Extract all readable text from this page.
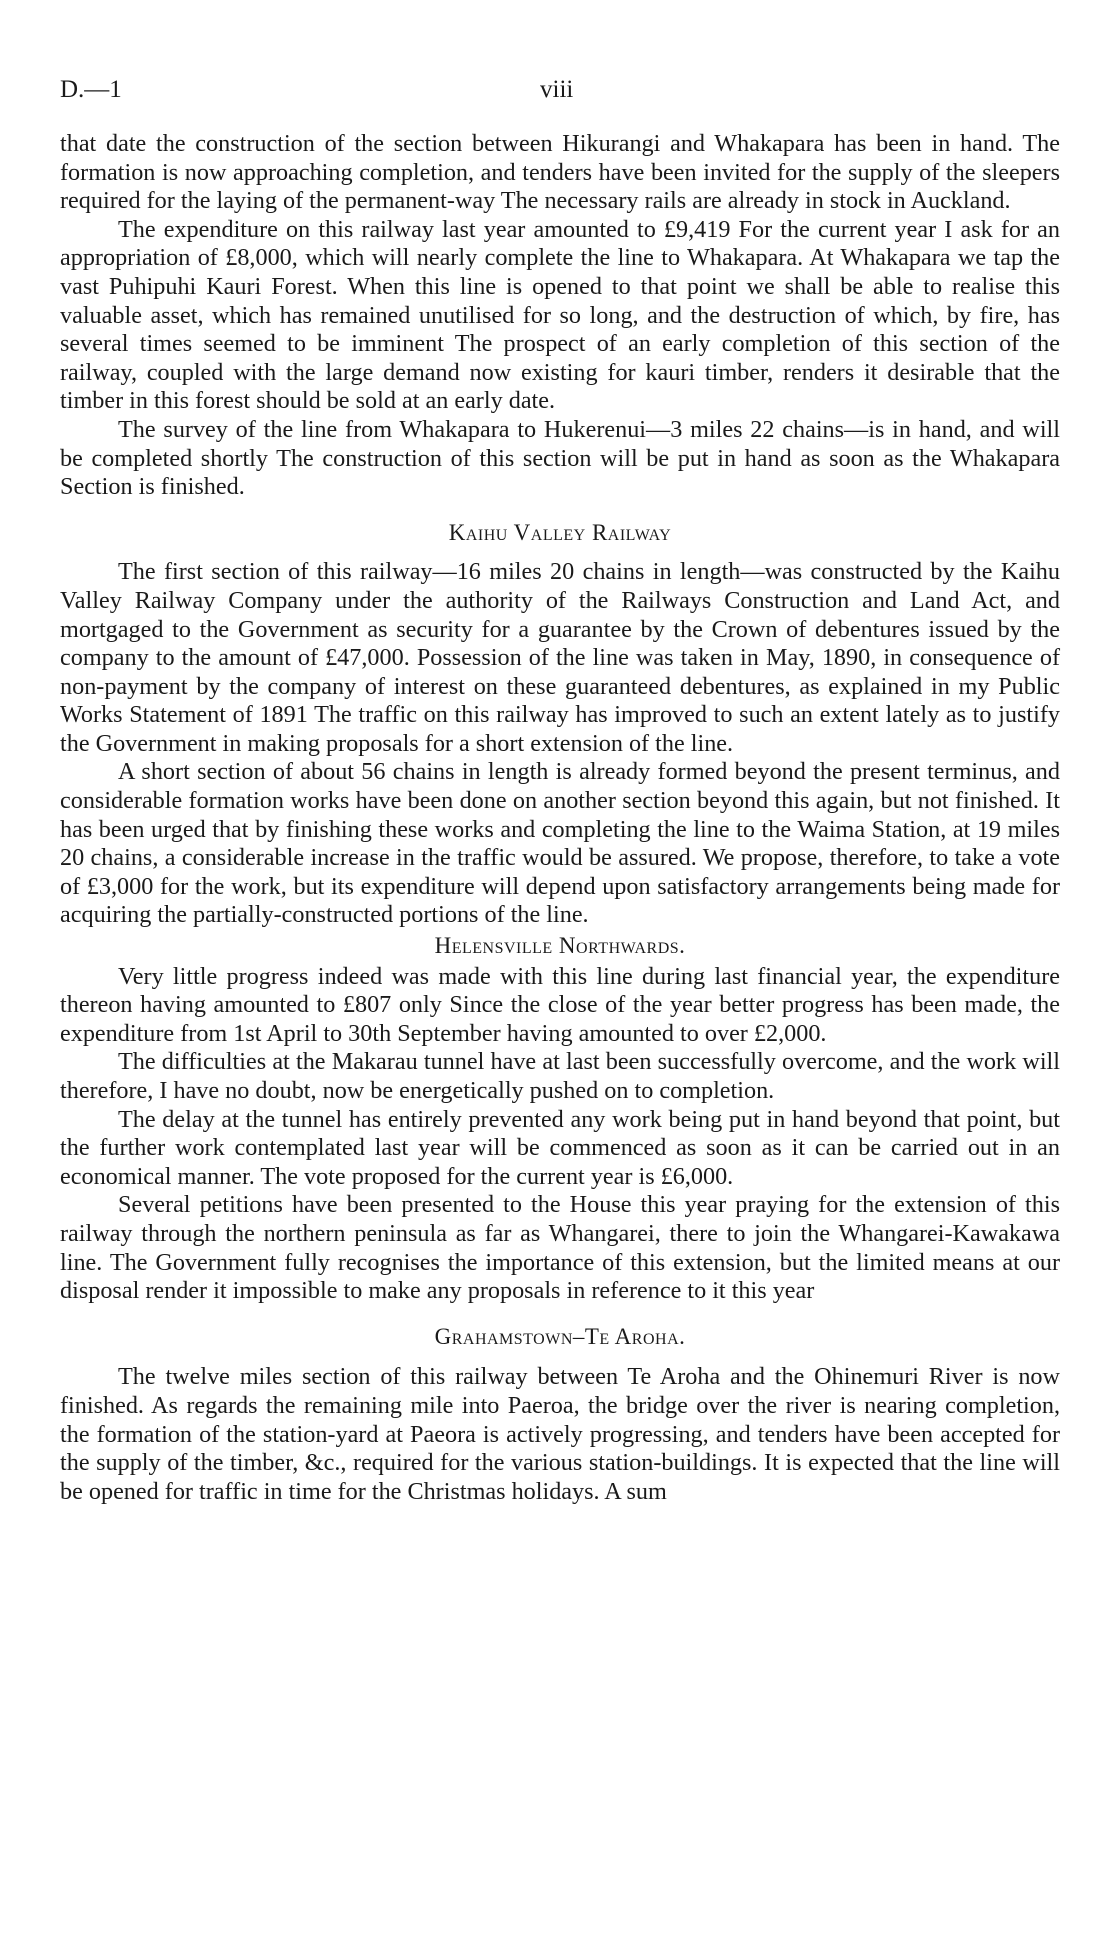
D.—1	viii

that date the construction of the section between Hikurangi and Whakapara has been in hand. The formation is now approaching completion, and tenders have been invited for the supply of the sleepers required for the laying of the permanent-way The necessary rails are already in stock in Auckland.

The expenditure on this railway last year amounted to £9,419 For the current year I ask for an appropriation of £8,000, which will nearly complete the line to Whakapara. At Whakapara we tap the vast Puhipuhi Kauri Forest. When this line is opened to that point we shall be able to realise this valuable asset, which has remained unutilised for so long, and the destruction of which, by fire, has several times seemed to be imminent The prospect of an early completion of this section of the railway, coupled with the large demand now existing for kauri timber, renders it desirable that the timber in this forest should be sold at an early date.

The survey of the line from Whakapara to Hukerenui—3 miles 22 chains—is in hand, and will be completed shortly The construction of this section will be put in hand as soon as the Whakapara Section is finished.

Kaihu Valley Railway

The first section of this railway—16 miles 20 chains in length—was constructed by the Kaihu Valley Railway Company under the authority of the Railways Construction and Land Act, and mortgaged to the Government as security for a guarantee by the Crown of debentures issued by the company to the amount of £47,000. Possession of the line was taken in May, 1890, in consequence of non-payment by the company of interest on these guaranteed debentures, as explained in my Public Works Statement of 1891 The traffic on this railway has improved to such an extent lately as to justify the Government in making proposals for a short extension of the line.

A short section of about 56 chains in length is already formed beyond the present terminus, and considerable formation works have been done on another section beyond this again, but not finished. It has been urged that by finishing these works and completing the line to the Waima Station, at 19 miles 20 chains, a considerable increase in the traffic would be assured. We propose, therefore, to take a vote of £3,000 for the work, but its expenditure will depend upon satisfactory arrangements being made for acquiring the partially-constructed portions of the line.

Helensville Northwards.

Very little progress indeed was made with this line during last financial year, the expenditure thereon having amounted to £807 only Since the close of the year better progress has been made, the expenditure from 1st April to 30th September having amounted to over £2,000.

The difficulties at the Makarau tunnel have at last been successfully overcome, and the work will therefore, I have no doubt, now be energetically pushed on to completion.

The delay at the tunnel has entirely prevented any work being put in hand beyond that point, but the further work contemplated last year will be commenced as soon as it can be carried out in an economical manner. The vote proposed for the current year is £6,000.

Several petitions have been presented to the House this year praying for the extension of this railway through the northern peninsula as far as Whangarei, there to join the Whangarei-Kawakawa line. The Government fully recognises the importance of this extension, but the limited means at our disposal render it impossible to make any proposals in reference to it this year

Grahamstown–Te Aroha.

The twelve miles section of this railway between Te Aroha and the Ohinemuri River is now finished. As regards the remaining mile into Paeroa, the bridge over the river is nearing completion, the formation of the station-yard at Paeora is actively progressing, and tenders have been accepted for the supply of the timber, &c., required for the various station-buildings. It is expected that the line will be opened for traffic in time for the Christmas holidays. A sum
